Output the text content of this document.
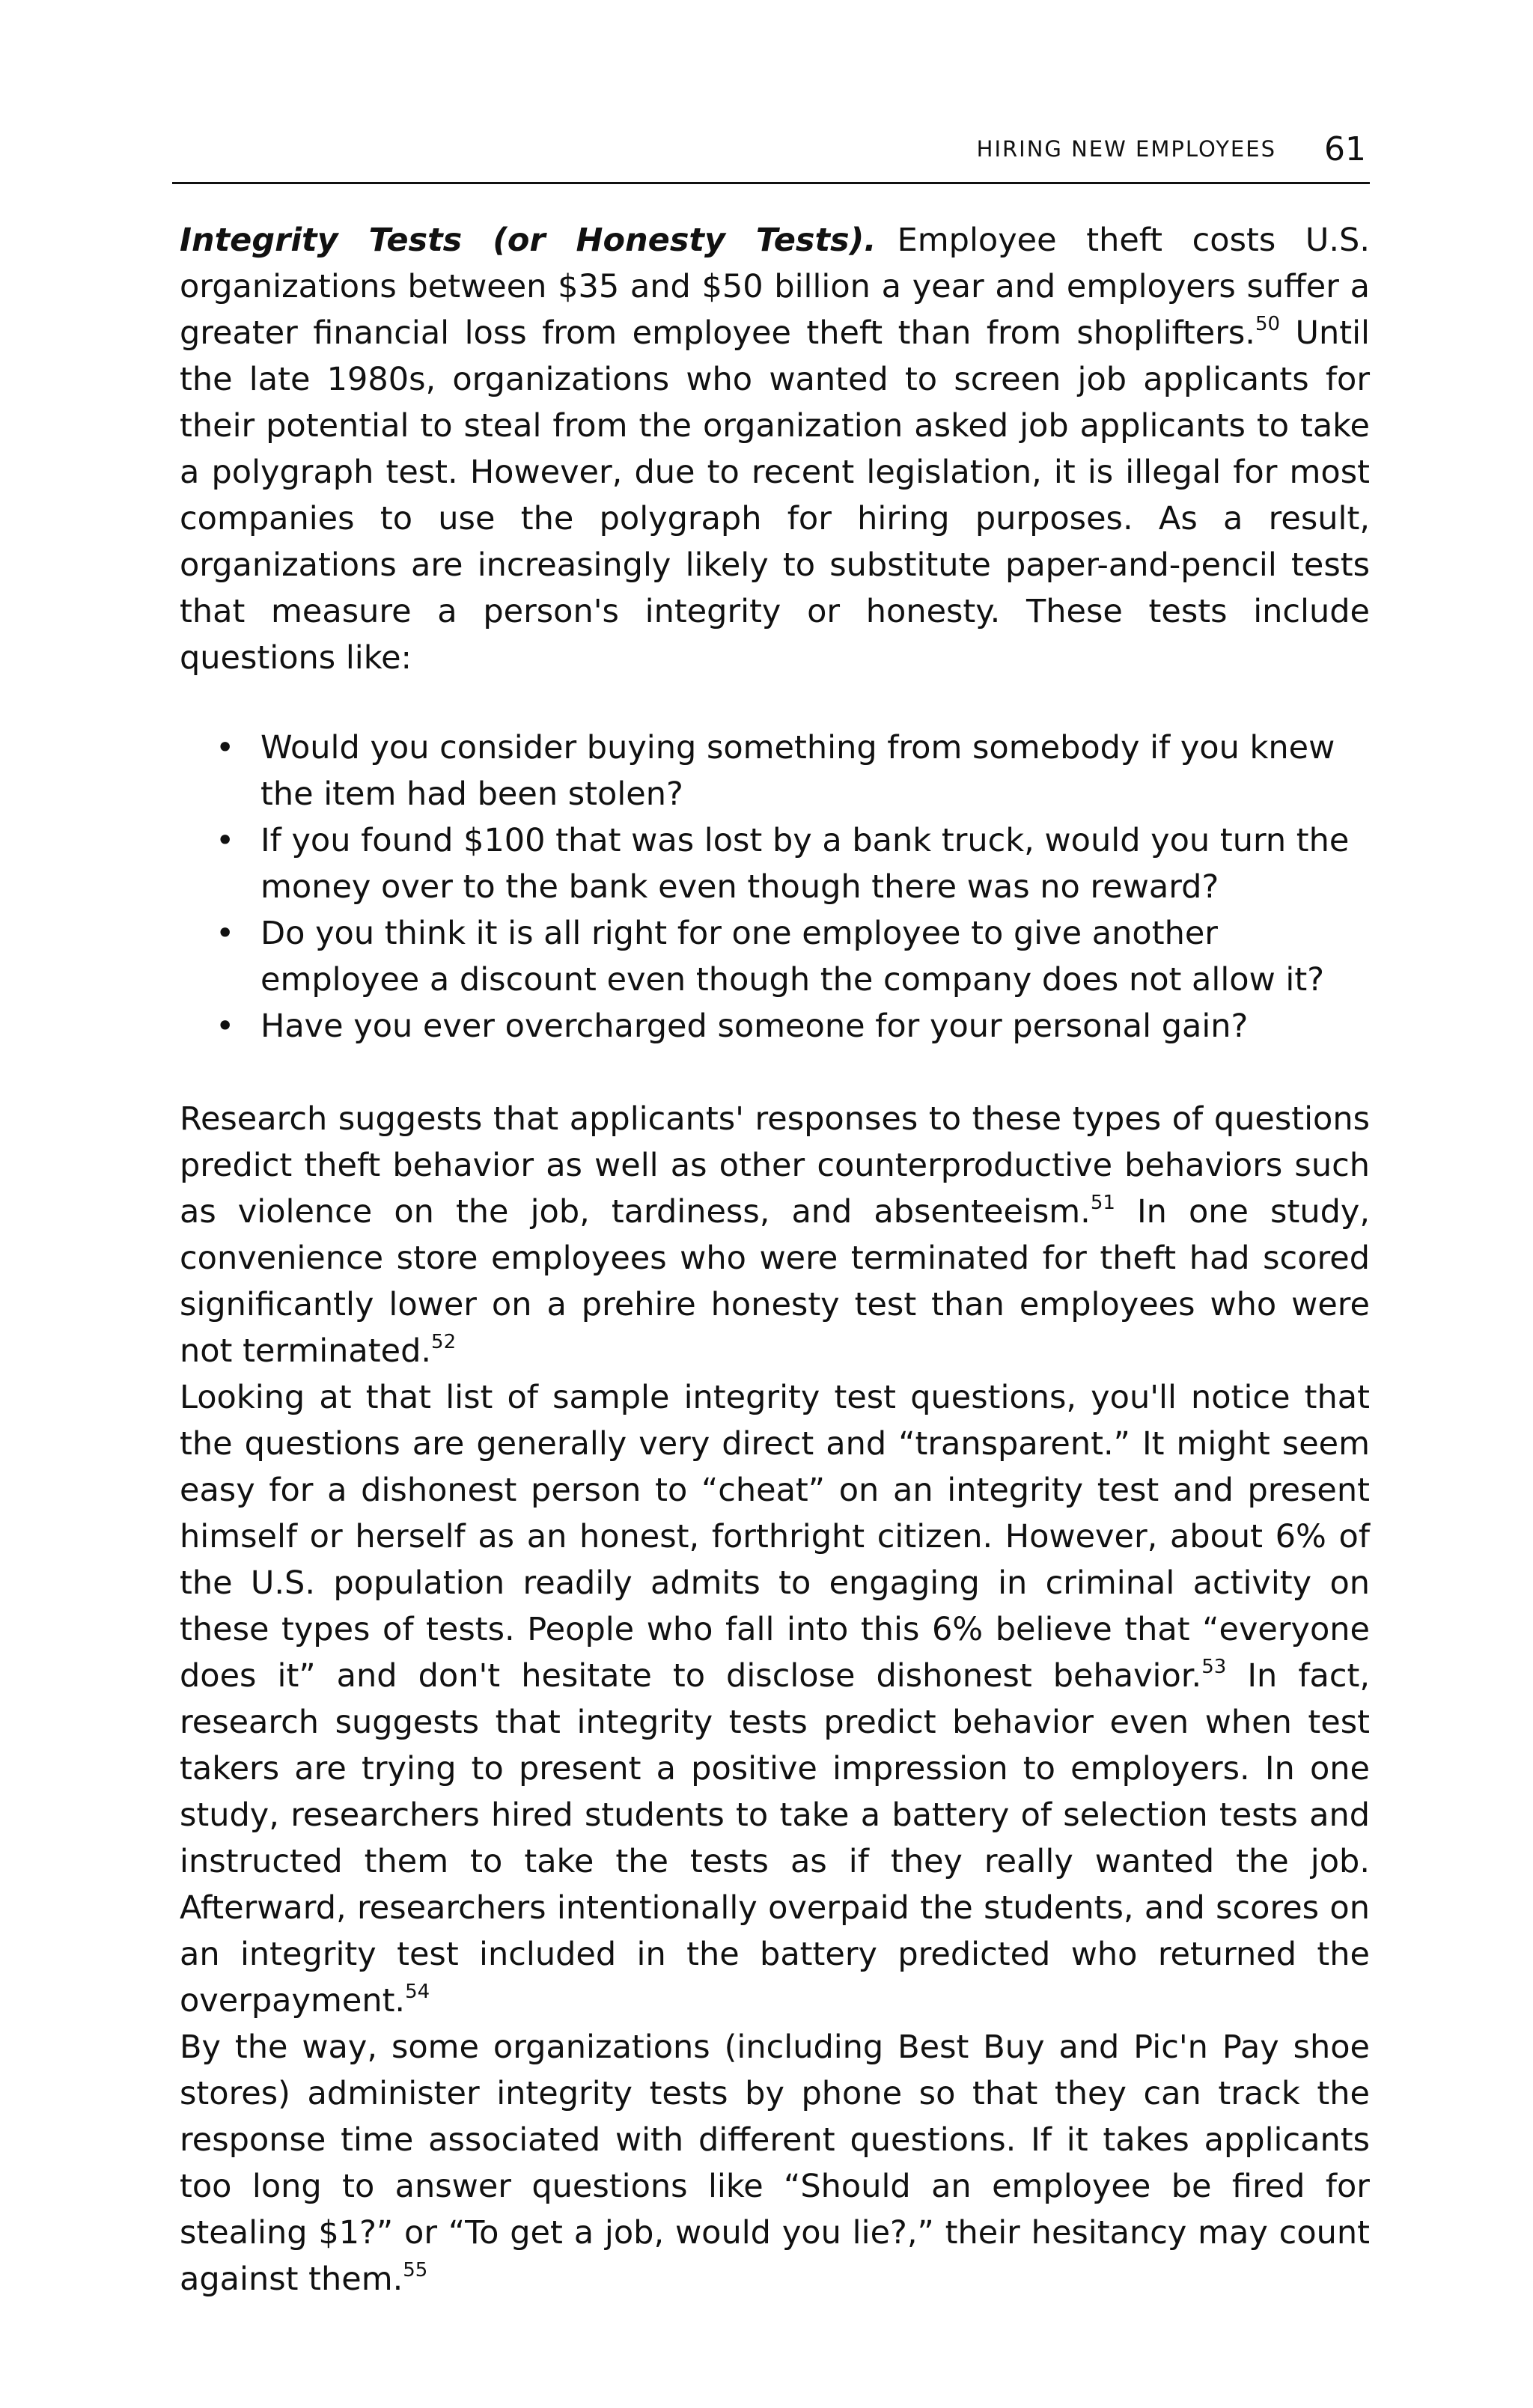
HIRING NEW EMPLOYEES 61

Integrity Tests (or Honesty Tests). Employee theft costs U.S. organizations between $35 and $50 billion a year and employers suffer a greater financial loss from employee theft than from shoplifters.$^{50}$ Until the late 1980s, organizations who wanted to screen job applicants for their potential to steal from the organization asked job applicants to take a polygraph test. However, due to recent legislation, it is illegal for most companies to use the polygraph for hiring purposes. As a result, organizations are increasingly likely to substitute paper-and-pencil tests that measure a person's integrity or honesty. These tests include questions like:

• Would you consider buying something from somebody if you knew the item had been stolen?
• If you found $100 that was lost by a bank truck, would you turn the money over to the bank even though there was no reward?
• Do you think it is all right for one employee to give another employee a discount even though the company does not allow it?
• Have you ever overcharged someone for your personal gain?

Research suggests that applicants' responses to these types of questions predict theft behavior as well as other counterproductive behaviors such as violence on the job, tardiness, and absenteeism.$^{51}$ In one study, convenience store employees who were terminated for theft had scored significantly lower on a prehire honesty test than employees who were not terminated.$^{52}$

Looking at that list of sample integrity test questions, you'll notice that the questions are generally very direct and “transparent.” It might seem easy for a dishonest person to “cheat” on an integrity test and present himself or herself as an honest, forthright citizen. However, about 6% of the U.S. population readily admits to engaging in criminal activity on these types of tests. People who fall into this 6% believe that “everyone does it” and don't hesitate to disclose dishonest behavior.$^{53}$ In fact, research suggests that integrity tests predict behavior even when test takers are trying to present a positive impression to employers. In one study, researchers hired students to take a battery of selection tests and instructed them to take the tests as if they really wanted the job. Afterward, researchers intentionally overpaid the students, and scores on an integrity test included in the battery predicted who returned the overpayment.$^{54}$

By the way, some organizations (including Best Buy and Pic'n Pay shoe stores) administer integrity tests by phone so that they can track the response time associated with different questions. If it takes applicants too long to answer questions like “Should an employee be fired for stealing $1?” or “To get a job, would you lie?,” their hesitancy may count against them.$^{55}$
